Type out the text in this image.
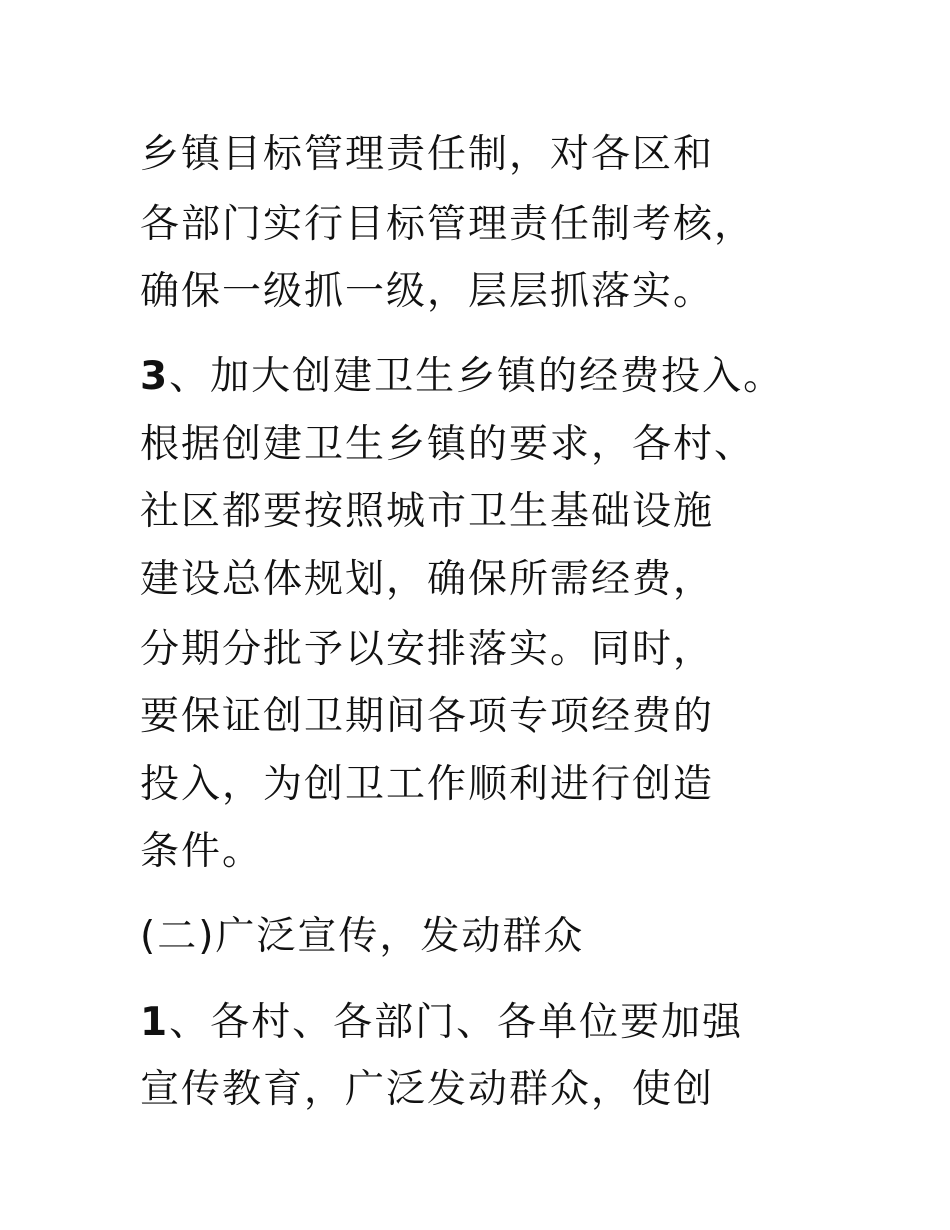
乡镇目标管理责任制，对各区和
各部门实行目标管理责任制考核，
确保一级抓一级，层层抓落实。
3、加大创建卫生乡镇的经费投入。
根据创建卫生乡镇的要求，各村、
社区都要按照城市卫生基础设施
建设总体规划，确保所需经费，
分期分批予以安排落实。同时，
要保证创卫期间各项专项经费的
投入，为创卫工作顺利进行创造
条件。
(二)广泛宣传，发动群众
1、各村、各部门、各单位要加强
宣传教育，广泛发动群众，使创
